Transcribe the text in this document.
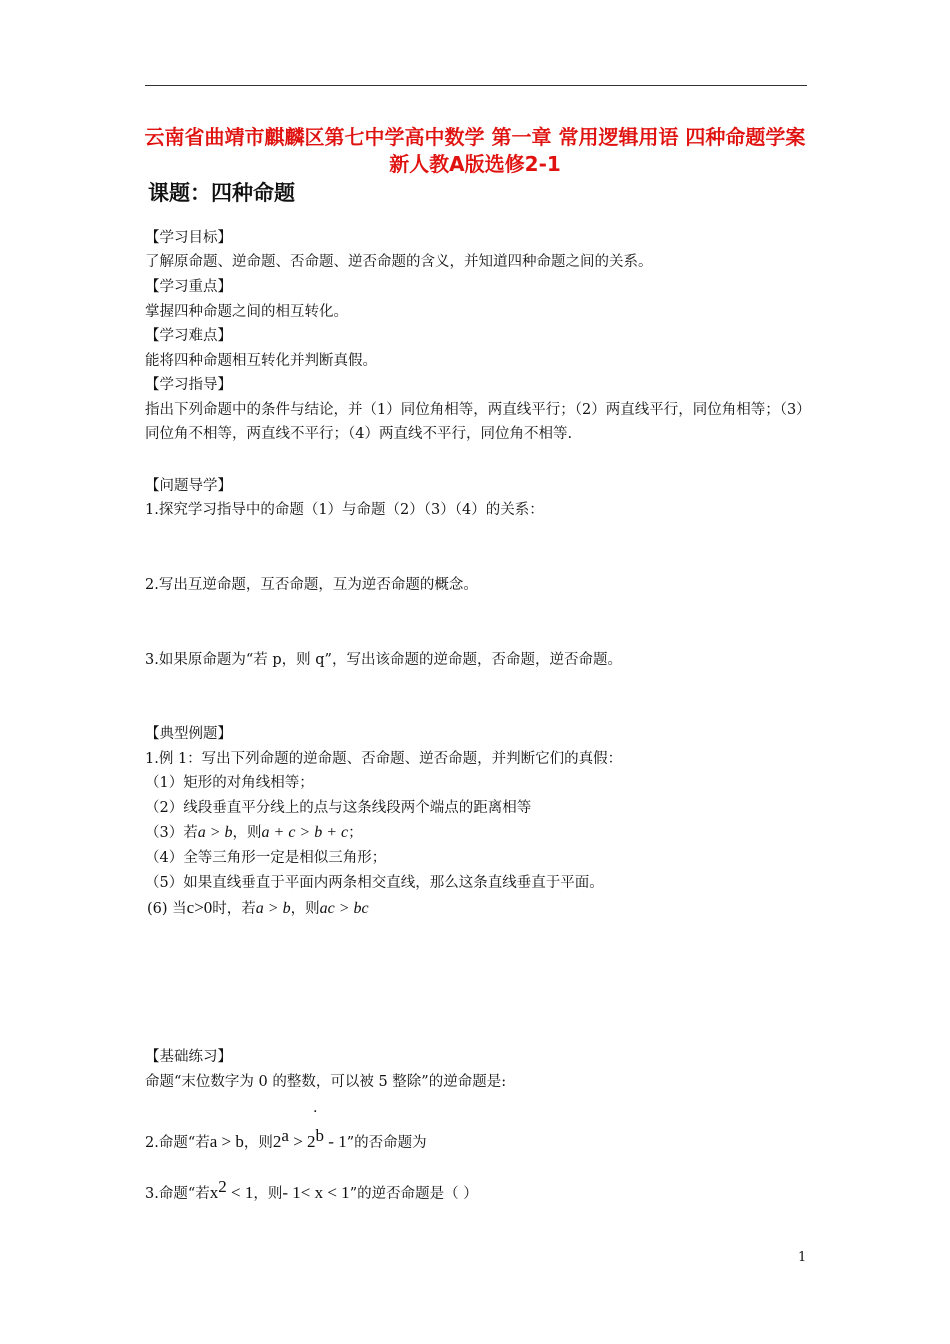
云南省曲靖市麒麟区第七中学高中数学 第一章 常用逻辑用语 四种命题学案 新人教A版选修2-1
课题：四种命题
【学习目标】
了解原命题、逆命题、否命题、逆否命题的含义，并知道四种命题之间的关系。
【学习重点】
掌握四种命题之间的相互转化。
【学习难点】
能将四种命题相互转化并判断真假。
【学习指导】
指出下列命题中的条件与结论，并（1）同位角相等，两直线平行；（2）两直线平行，同位角相等；（3）同位角不相等，两直线不平行；（4）两直线不平行，同位角不相等.
【问题导学】
1.探究学习指导中的命题（1）与命题（2）（3）（4）的关系：
2.写出互逆命题，互否命题，互为逆否命题的概念。
3.如果原命题为“若 p，则 q”，写出该命题的逆命题，否命题，逆否命题。
【典型例题】
1.例 1：写出下列命题的逆命题、否命题、逆否命题，并判断它们的真假：
（1）矩形的对角线相等；
（2）线段垂直平分线上的点与这条线段两个端点的距离相等
（3）若a > b，则a + c > b + c；
（4）全等三角形一定是相似三角形；
（5）如果直线垂直于平面内两条相交直线，那么这条直线垂直于平面。
(6) 当c>0时，若a > b，则ac > bc
【基础练习】
命题“末位数字为 0 的整数，可以被 5 整除”的逆命题是:
.
2.命题“若a > b，则$2^a > 2^b - 1$”的否命题为
3.命题“若$x^2 < 1$，则- 1< x < 1”的逆否命题是（ ）
1
